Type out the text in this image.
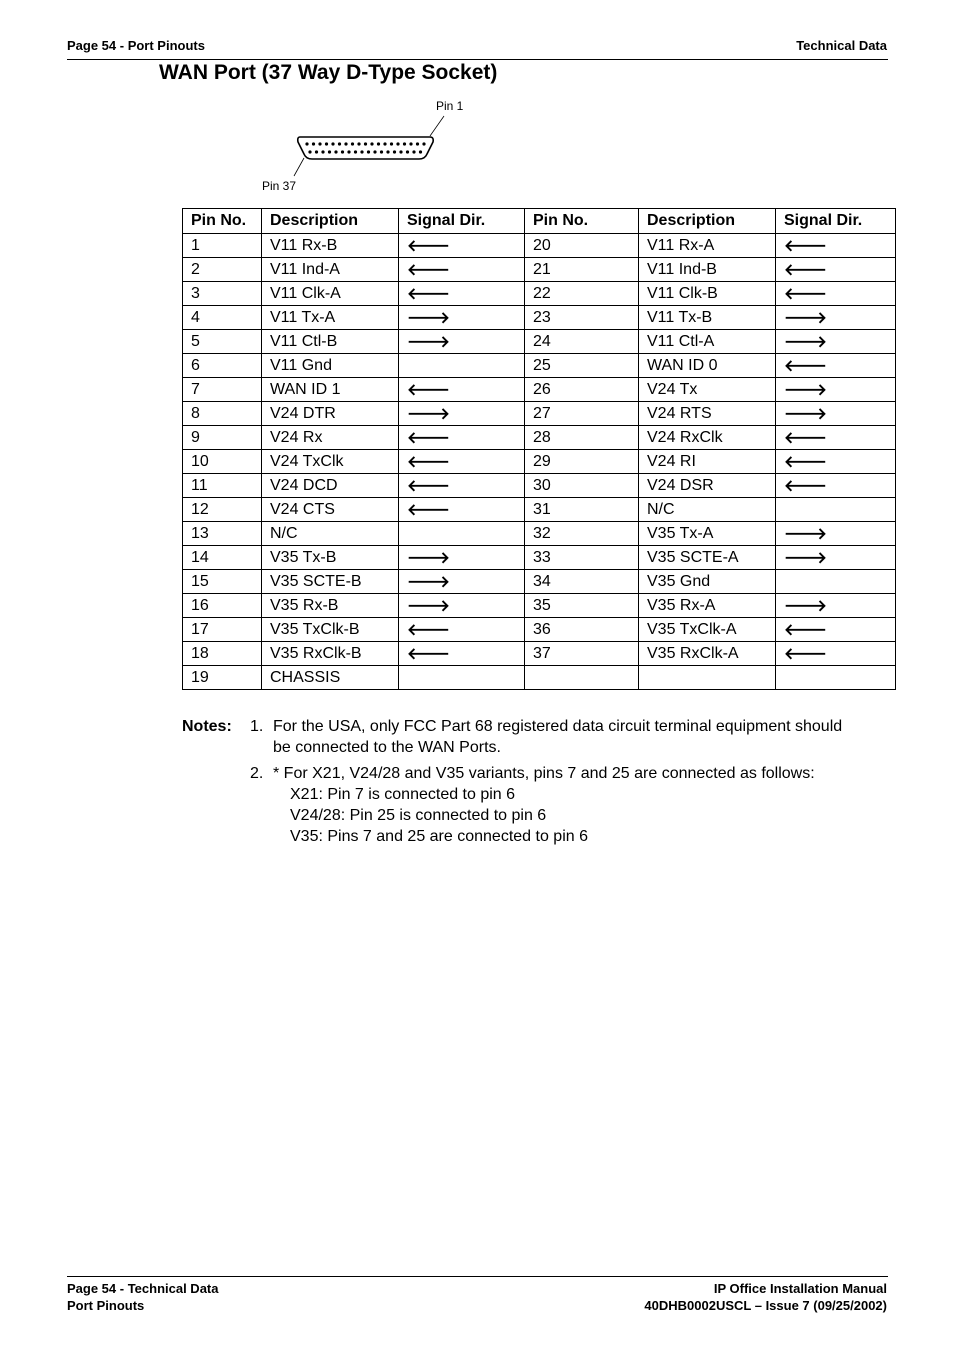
Page 54 - Port Pinouts	Technical Data
WAN Port (37 Way D-Type Socket)
Pin 1
Pin 37
Pin No.	Description	Signal Dir.	Pin No.	Description	Signal Dir.
1	V11 Rx-B	🡐	20	V11 Rx-A	🡐
2	V11 Ind-A	🡐	21	V11 Ind-B	🡐
3	V11 Clk-A	🡐	22	V11 Clk-B	🡐
4	V11 Tx-A	🡒	23	V11 Tx-B	🡒
5	V11 Ctl-B	🡒	24	V11 Ctl-A	🡒
6	V11 Gnd		25	WAN ID 0	🡐
7	WAN ID 1	🡐	26	V24 Tx	🡒
8	V24 DTR	🡒	27	V24 RTS	🡒
9	V24 Rx	🡐	28	V24 RxClk	🡐
10	V24 TxClk	🡐	29	V24 RI	🡐
11	V24 DCD	🡐	30	V24 DSR	🡐
12	V24 CTS	🡐	31	N/C	
13	N/C		32	V35 Tx-A	🡒
14	V35 Tx-B	🡒	33	V35 SCTE-A	🡒
15	V35 SCTE-B	🡒	34	V35 Gnd	
16	V35 Rx-B	🡒	35	V35 Rx-A	🡒
17	V35 TxClk-B	🡐	36	V35 TxClk-A	🡐
18	V35 RxClk-B	🡐	37	V35 RxClk-A	🡐
19	CHASSIS				
Notes: 1. For the USA, only FCC Part 68 registered data circuit terminal equipment should be connected to the WAN Ports.
2. * For X21, V24/28 and V35 variants, pins 7 and 25 are connected as follows:
X21: Pin 7 is connected to pin 6
V24/28: Pin 25 is connected to pin 6
V35: Pins 7 and 25 are connected to pin 6
Page 54 - Technical Data
Port Pinouts
IP Office Installation Manual
40DHB0002USCL – Issue 7 (09/25/2002)
